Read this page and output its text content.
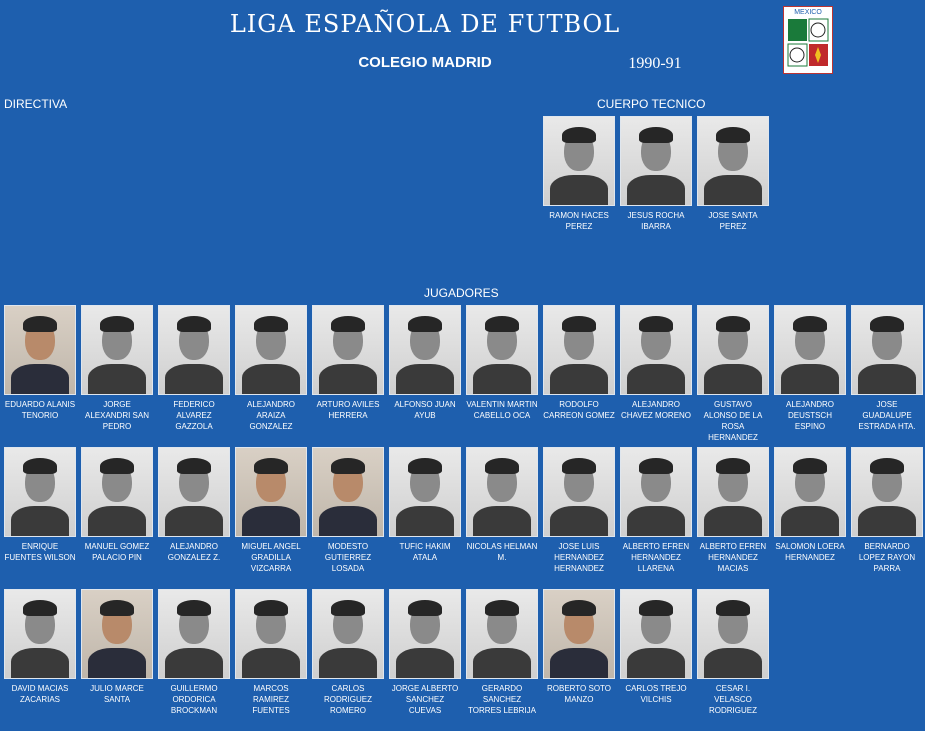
LIGA ESPAÑOLA DE FUTBOL
COLEGIO MADRID	1990-91
MEXICO
DIRECTIVA	CUERPO TECNICO
JUGADORES
RAMON HACES PEREZ
JESUS ROCHA IBARRA
JOSE SANTA PEREZ
EDUARDO ALANIS TENORIO
JORGE ALEXANDRI SAN PEDRO
FEDERICO ALVAREZ GAZZOLA
ALEJANDRO ARAIZA GONZALEZ
ARTURO AVILES HERRERA
ALFONSO JUAN AYUB
VALENTIN MARTIN CABELLO OCA
RODOLFO CARREON GOMEZ
ALEJANDRO CHAVEZ MORENO
GUSTAVO ALONSO DE LA ROSA HERNANDEZ
ALEJANDRO DEUSTSCH ESPINO
JOSE GUADALUPE ESTRADA HTA.
ENRIQUE FUENTES WILSON
MANUEL GOMEZ PALACIO PIN
ALEJANDRO GONZALEZ Z.
MIGUEL ANGEL GRADILLA VIZCARRA
MODESTO GUTIERREZ LOSADA
TUFIC HAKIM ATALA
NICOLAS HELMAN M.
JOSE LUIS HERNANDEZ HERNANDEZ
ALBERTO EFREN HERNANDEZ LLARENA
ALBERTO EFREN HERNANDEZ MACIAS
SALOMON LOERA HERNANDEZ
BERNARDO LOPEZ RAYON PARRA
DAVID MACIAS ZACARIAS
JULIO MARCE SANTA
GUILLERMO ORDORICA BROCKMAN
MARCOS RAMIREZ FUENTES
CARLOS RODRIGUEZ ROMERO
JORGE ALBERTO SANCHEZ CUEVAS
GERARDO SANCHEZ TORRES LEBRIJA
ROBERTO SOTO MANZO
CARLOS TREJO VILCHIS
CESAR I. VELASCO RODRIGUEZ
